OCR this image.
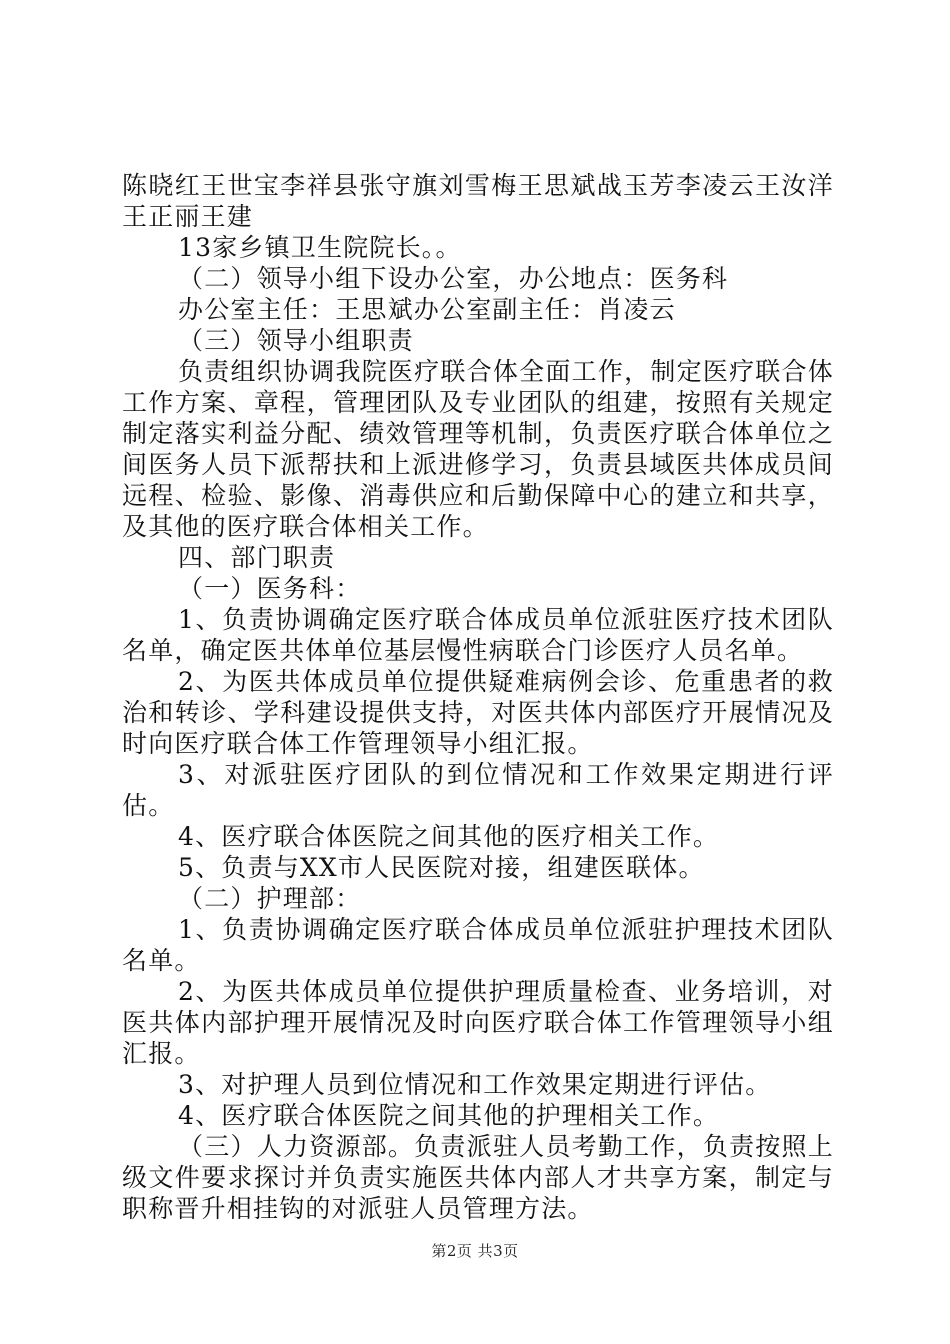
陈晓红王世宝李祥县张守旗刘雪梅王思斌战玉芳李凌云王汝洋王正丽王建

13家乡镇卫生院院长。。

（二）领导小组下设办公室，办公地点：医务科

办公室主任：王思斌办公室副主任：肖凌云

（三）领导小组职责

负责组织协调我院医疗联合体全面工作，制定医疗联合体工作方案、章程，管理团队及专业团队的组建，按照有关规定制定落实利益分配、绩效管理等机制，负责医疗联合体单位之间医务人员下派帮扶和上派进修学习，负责县域医共体成员间远程、检验、影像、消毒供应和后勤保障中心的建立和共享，及其他的医疗联合体相关工作。

四、部门职责

（一）医务科：

1、负责协调确定医疗联合体成员单位派驻医疗技术团队名单，确定医共体单位基层慢性病联合门诊医疗人员名单。

2、为医共体成员单位提供疑难病例会诊、危重患者的救治和转诊、学科建设提供支持，对医共体内部医疗开展情况及时向医疗联合体工作管理领导小组汇报。

3、对派驻医疗团队的到位情况和工作效果定期进行评估。

4、医疗联合体医院之间其他的医疗相关工作。

5、负责与XX市人民医院对接，组建医联体。

（二）护理部：

1、负责协调确定医疗联合体成员单位派驻护理技术团队名单。

2、为医共体成员单位提供护理质量检查、业务培训，对医共体内部护理开展情况及时向医疗联合体工作管理领导小组汇报。

3、对护理人员到位情况和工作效果定期进行评估。

4、医疗联合体医院之间其他的护理相关工作。

（三）人力资源部。负责派驻人员考勤工作，负责按照上级文件要求探讨并负责实施医共体内部人才共享方案，制定与职称晋升相挂钩的对派驻人员管理方法。

第2页 共3页
